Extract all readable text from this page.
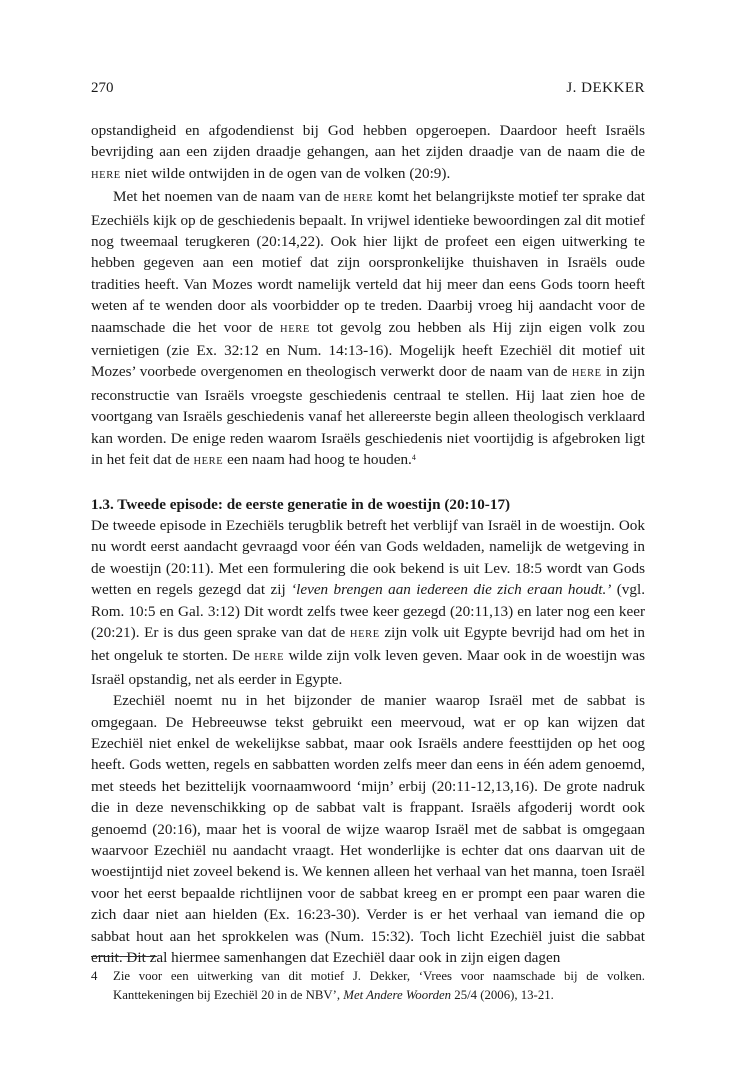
270	J. DEKKER

opstandigheid en afgodendienst bij God hebben opgeroepen. Daardoor heeft Israëls bevrijding aan een zijden draadje gehangen, aan het zijden draadje van de naam die de HERE niet wilde ontwijden in de ogen van de volken (20:9).

Met het noemen van de naam van de HERE komt het belangrijkste motief ter sprake dat Ezechiëls kijk op de geschiedenis bepaalt. In vrijwel identieke bewoordingen zal dit motief nog tweemaal terugkeren (20:14,22). Ook hier lijkt de profeet een eigen uitwerking te hebben gegeven aan een motief dat zijn oorspronkelijke thuishaven in Israëls oude tradities heeft. Van Mozes wordt namelijk verteld dat hij meer dan eens Gods toorn heeft weten af te wenden door als voorbidder op te treden. Daarbij vroeg hij aandacht voor de naamschade die het voor de HERE tot gevolg zou hebben als Hij zijn eigen volk zou vernietigen (zie Ex. 32:12 en Num. 14:13-16). Mogelijk heeft Ezechiël dit motief uit Mozes’ voorbede overgenomen en theologisch verwerkt door de naam van de HERE in zijn reconstructie van Israëls vroegste geschiedenis centraal te stellen. Hij laat zien hoe de voortgang van Israëls geschiedenis vanaf het allereerste begin alleen theologisch verklaard kan worden. De enige reden waarom Israëls geschiedenis niet voortijdig is afgebroken ligt in het feit dat de HERE een naam had hoog te houden.$^4$

1.3. Tweede episode: de eerste generatie in de woestijn (20:10-17)

De tweede episode in Ezechiëls terugblik betreft het verblijf van Israël in de woestijn. Ook nu wordt eerst aandacht gevraagd voor één van Gods weldaden, namelijk de wetgeving in de woestijn (20:11). Met een formulering die ook bekend is uit Lev. 18:5 wordt van Gods wetten en regels gezegd dat zij ‘leven brengen aan iedereen die zich eraan houdt.’ (vgl. Rom. 10:5 en Gal. 3:12) Dit wordt zelfs twee keer gezegd (20:11,13) en later nog een keer (20:21). Er is dus geen sprake van dat de HERE zijn volk uit Egypte bevrijd had om het in het ongeluk te storten. De HERE wilde zijn volk leven geven. Maar ook in de woestijn was Israël opstandig, net als eerder in Egypte.

Ezechiël noemt nu in het bijzonder de manier waarop Israël met de sabbat is omgegaan. De Hebreeuwse tekst gebruikt een meervoud, wat er op kan wijzen dat Ezechiël niet enkel de wekelijkse sabbat, maar ook Israëls andere feesttijden op het oog heeft. Gods wetten, regels en sabbatten worden zelfs meer dan eens in één adem genoemd, met steeds het bezittelijk voornaamwoord ‘mijn’ erbij (20:11-12,13,16). De grote nadruk die in deze nevenschikking op de sabbat valt is frappant. Israëls afgoderij wordt ook genoemd (20:16), maar het is vooral de wijze waarop Israël met de sabbat is omgegaan waarvoor Ezechiël nu aandacht vraagt. Het wonderlijke is echter dat ons daarvan uit de woestijntijd niet zoveel bekend is. We kennen alleen het verhaal van het manna, toen Israël voor het eerst bepaalde richtlijnen voor de sabbat kreeg en er prompt een paar waren die zich daar niet aan hielden (Ex. 16:23-30). Verder is er het verhaal van iemand die op sabbat hout aan het sprokkelen was (Num. 15:32). Toch licht Ezechiël juist die sabbat eruit. Dit zal hiermee samenhangen dat Ezechiël daar ook in zijn eigen dagen

4 Zie voor een uitwerking van dit motief J. Dekker, ‘Vrees voor naamschade bij de volken. Kanttekeningen bij Ezechiël 20 in de NBV’, Met Andere Woorden 25/4 (2006), 13-21.
